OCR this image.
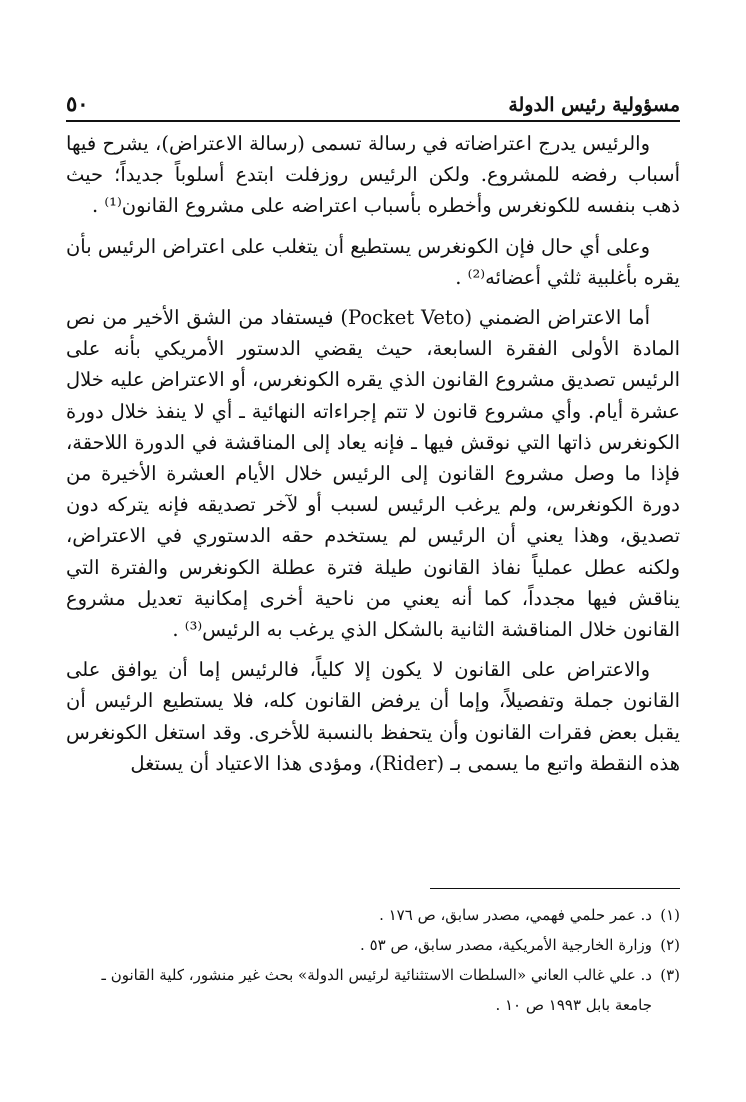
مسؤولية رئيس الدولة
٥٠

والرئيس يدرج اعتراضاته في رسالة تسمى (رسالة الاعتراض)، يشرح فيها أسباب رفضه للمشروع. ولكن الرئيس روزفلت ابتدع أسلوباً جديداً؛ حيث ذهب بنفسه للكونغرس وأخطره بأسباب اعتراضه على مشروع القانون⁽¹⁾ .

وعلى أي حال فإن الكونغرس يستطيع أن يتغلب على اعتراض الرئيس بأن يقره بأغلبية ثلثي أعضائه⁽²⁾ .

أما الاعتراض الضمني (Pocket Veto) فيستفاد من الشق الأخير من نص المادة الأولى الفقرة السابعة، حيث يقضي الدستور الأمريكي بأنه على الرئيس تصديق مشروع القانون الذي يقره الكونغرس، أو الاعتراض عليه خلال عشرة أيام. وأي مشروع قانون لا تتم إجراءاته النهائية ـ أي لا ينفذ خلال دورة الكونغرس ذاتها التي نوقش فيها ـ فإنه يعاد إلى المناقشة في الدورة اللاحقة، فإذا ما وصل مشروع القانون إلى الرئيس خلال الأيام العشرة الأخيرة من دورة الكونغرس، ولم يرغب الرئيس لسبب أو لآخر تصديقه فإنه يتركه دون تصديق، وهذا يعني أن الرئيس لم يستخدم حقه الدستوري في الاعتراض، ولكنه عطل عملياً نفاذ القانون طيلة فترة عطلة الكونغرس والفترة التي يناقش فيها مجدداً، كما أنه يعني من ناحية أخرى إمكانية تعديل مشروع القانون خلال المناقشة الثانية بالشكل الذي يرغب به الرئيس⁽³⁾ .

والاعتراض على القانون لا يكون إلا كلياً، فالرئيس إما أن يوافق على القانون جملة وتفصيلاً، وإما أن يرفض القانون كله، فلا يستطيع الرئيس أن يقبل بعض فقرات القانون وأن يتحفظ بالنسبة للأخرى. وقد استغل الكونغرس هذه النقطة واتبع ما يسمى بـ (Rider)، ومؤدى هذا الاعتياد أن يستغل

(١)
د. عمر حلمي فهمي، مصدر سابق، ص ١٧٦ .

(٢)
وزارة الخارجية الأمريكية، مصدر سابق، ص ٥٣ .

(٣)
د. علي غالب العاني «السلطات الاستثنائية لرئيس الدولة» بحث غير منشور، كلية القانون ـ جامعة بابل ١٩٩٣ ص ١٠ .
